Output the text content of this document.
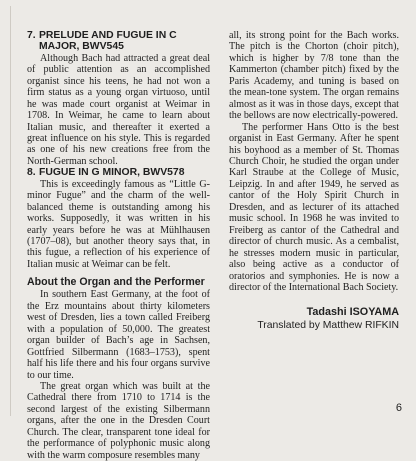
7. PRELUDE AND FUGUE IN C
MAJOR, BWV545

Although Bach had attracted a great deal of public attention as an accomplished organist since his teens, he had not won a firm status as a young organ virtuoso, until he was made court organist at Weimar in 1708. In Weimar, he came to learn about Italian music, and thereafter it exerted a great influence on his style. This is regarded as one of his new creations free from the North-German school.

8. FUGUE IN G MINOR, BWV578

This is exceedingly famous as “Little G-minor Fugue” and the charm of the well-balanced theme is outstanding among his works. Supposedly, it was written in his early years before he was at Mühlhausen (1707–08), but another theory says that, in this fugue, a reflection of his experience of Italian music at Weimar can be felt.

About the Organ and the Performer

In southern East Germany, at the foot of the Erz mountains about thirty kilometers west of Dresden, lies a town called Freiberg with a population of 50,000. The greatest organ builder of Bach’s age in Sachsen, Gottfried Silbermann (1683–1753), spent half his life there and his four organs survive to our time.

The great organ which was built at the Cathedral there from 1710 to 1714 is the second largest of the existing Silbermann organs, after the one in the Dresden Court Church. The clear, transparent tone ideal for the performance of polyphonic music along with the warm composure resembles many

all, its strong point for the Bach works. The pitch is the Chorton (choir pitch), which is higher by 7/8 tone than the Kammerton (chamber pitch) fixed by the Paris Academy, and tuning is based on the mean-tone system. The organ remains almost as it was in those days, except that the bellows are now electrically-powered.

The performer Hans Otto is the best organist in East Germany. After he spent his boyhood as a member of St. Thomas Church Choir, he studied the organ under Karl Straube at the College of Music, Leipzig. In and after 1949, he served as cantor of the Holy Spirit Church in Dresden, and as lecturer of its attached music school. In 1968 he was invited to Freiberg as cantor of the Cathedral and director of church music. As a cembalist, he stresses modern music in particular, also being active as a conductor of oratorios and symphonies. He is now a director of the International Bach Society.

Tadashi ISOYAMA
Translated by Matthew RIFKIN
6
